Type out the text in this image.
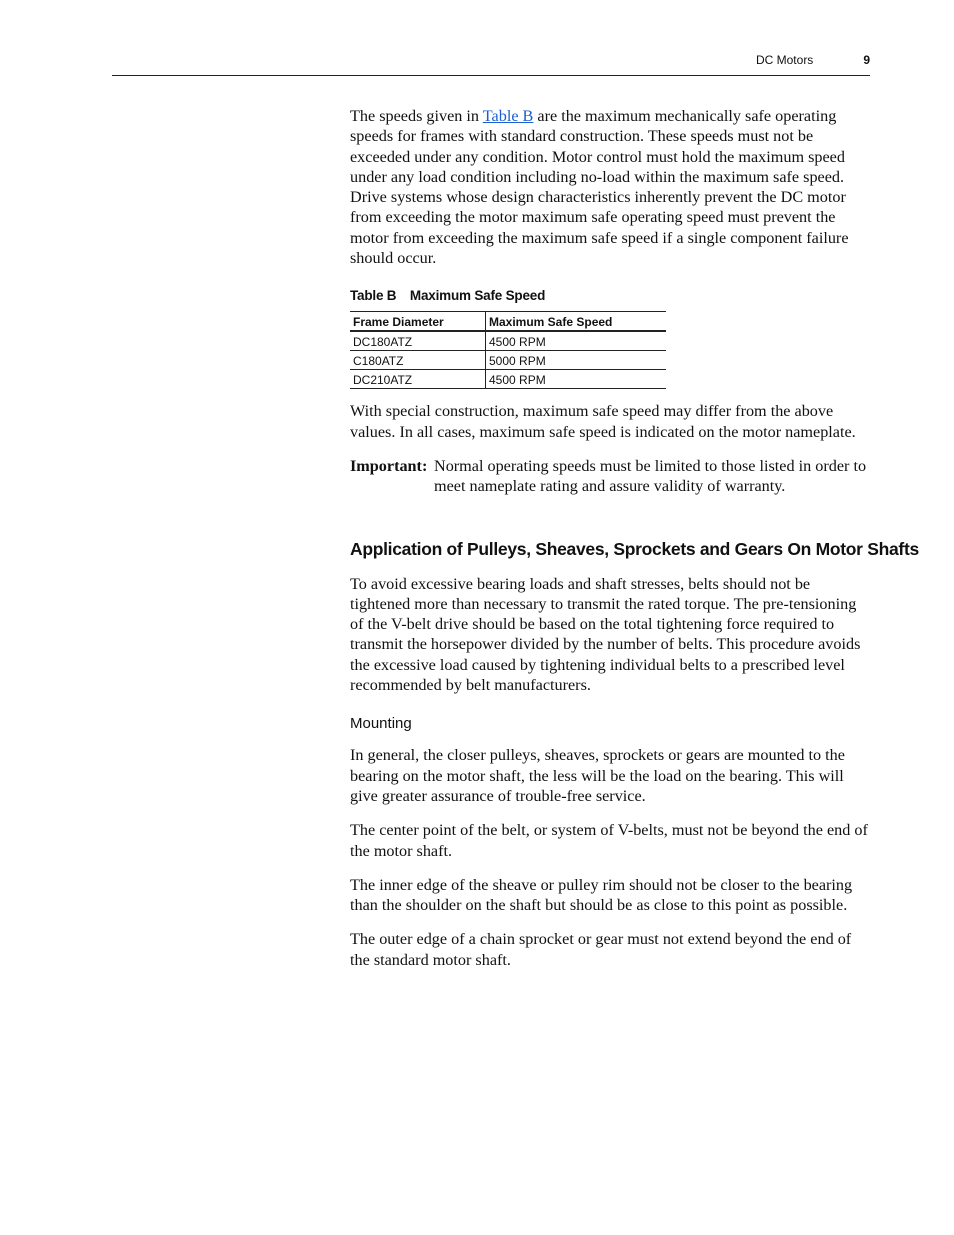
DC Motors	9

The speeds given in Table B are the maximum mechanically safe operating speeds for frames with standard construction. These speeds must not be exceeded under any condition. Motor control must hold the maximum speed under any load condition including no-load within the maximum safe speed. Drive systems whose design characteristics inherently prevent the DC motor from exceeding the motor maximum safe operating speed must prevent the motor from exceeding the maximum safe speed if a single component failure should occur.

Table B Maximum Safe Speed
Frame Diameter	Maximum Safe Speed
DC180ATZ	4500 RPM
C180ATZ	5000 RPM
DC210ATZ	4500 RPM

With special construction, maximum safe speed may differ from the above values. In all cases, maximum safe speed is indicated on the motor nameplate.

Important: Normal operating speeds must be limited to those listed in order to meet nameplate rating and assure validity of warranty.

Application of Pulleys, Sheaves, Sprockets and Gears On Motor Shafts

To avoid excessive bearing loads and shaft stresses, belts should not be tightened more than necessary to transmit the rated torque. The pre-tensioning of the V-belt drive should be based on the total tightening force required to transmit the horsepower divided by the number of belts. This procedure avoids the excessive load caused by tightening individual belts to a prescribed level recommended by belt manufacturers.

Mounting

In general, the closer pulleys, sheaves, sprockets or gears are mounted to the bearing on the motor shaft, the less will be the load on the bearing. This will give greater assurance of trouble-free service.

The center point of the belt, or system of V-belts, must not be beyond the end of the motor shaft.

The inner edge of the sheave or pulley rim should not be closer to the bearing than the shoulder on the shaft but should be as close to this point as possible.

The outer edge of a chain sprocket or gear must not extend beyond the end of the standard motor shaft.
